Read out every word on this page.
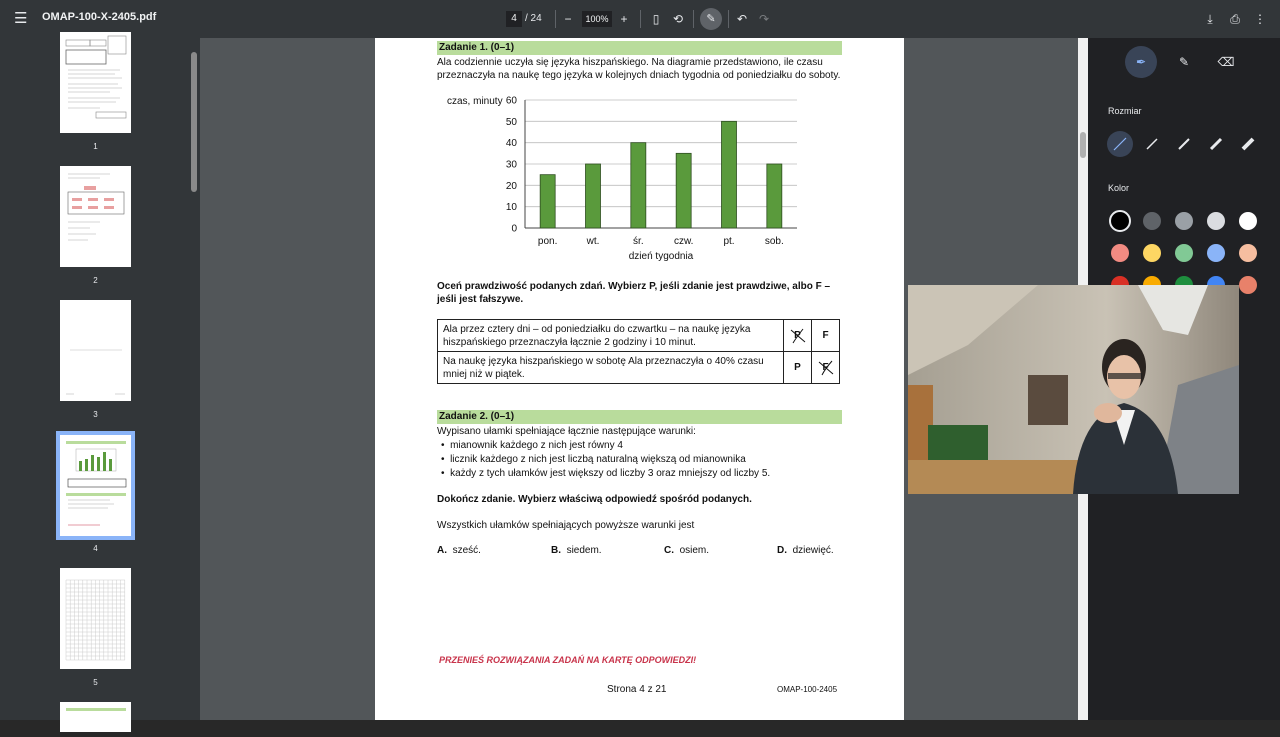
☰ OMAP-100-X-2405.pdf	4 / 24	−	100% +	▯	⟲	✎	↶ ↷	⤓	⎙	⋮
1
2
3
4
5
Zadanie 1. (0–1)
Ala codziennie uczyła się języka hiszpańskiego. Na diagramie przedstawiono, ile czasu
przeznaczyła na naukę tego języka w kolejnych dniach tygodnia od poniedziałku do soboty.
0
10
20
30
40
50
60
pon.	wt.	śr.	czw.	pt.	sob.
czas, minuty
dzień tygodnia
Oceń prawdziwość podanych zdań. Wybierz P, jeśli zdanie jest prawdziwe, albo F –
jeśli jest fałszywe.
Ala przez cztery dni – od poniedziałku do czwartku – na naukę języka
hiszpańskiego przeznaczyła łącznie 2 godziny i 10 minut.	P	F
Na naukę języka hiszpańskiego w sobotę Ala przeznaczyła o 40% czasu
mniej niż w piątek.	P	F
Zadanie 2. (0–1)
Wypisano ułamki spełniające łącznie następujące warunki:
•  mianownik każdego z nich jest równy 4
•  licznik każdego z nich jest liczbą naturalną większą od mianownika
•  każdy z tych ułamków jest większy od liczby 3 oraz mniejszy od liczby 5.
Dokończ zdanie. Wybierz właściwą odpowiedź spośród podanych.
Wszystkich ułamków spełniających powyższe warunki jest
A. sześć.	B. siedem.	C. osiem.	D. dziewięć.
PRZENIEŚ ROZWIĄZANIA ZADAŃ NA KARTĘ ODPOWIEDZI!
Strona 4 z 21	OMAP-100-2405
✒	✎	⌫
Rozmiar
Kolor
